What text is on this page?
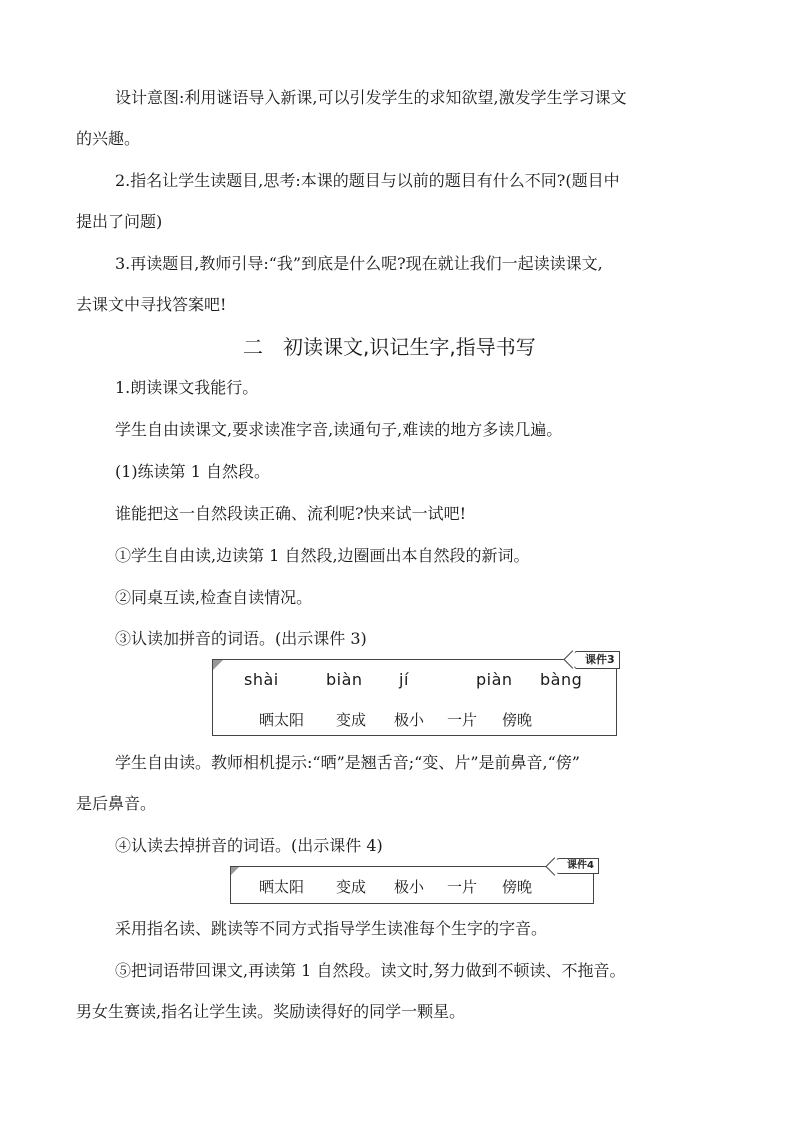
设计意图:利用谜语导入新课,可以引发学生的求知欲望,激发学生学习课文
的兴趣。
2.指名让学生读题目,思考:本课的题目与以前的题目有什么不同?(题目中
提出了问题)
3.再读题目,教师引导:“我”到底是什么呢?现在就让我们一起读读课文,
去课文中寻找答案吧!
二　初读课文,识记生字,指导书写
1.朗读课文我能行。
学生自由读课文,要求读准字音,读通句子,难读的地方多读几遍。
(1)练读第 1 自然段。
谁能把这一自然段读正确、流利呢?快来试一试吧!
①学生自由读,边读第 1 自然段,边圈画出本自然段的新词。
②同桌互读,检查自读情况。
③认读加拼音的词语。(出示课件 3)
shài	biàn jí	piàn bàng
晒太阳 变成 极小 一片 傍晚
课件3
学生自由读。教师相机提示:“晒”是翘舌音;“变、片”是前鼻音,“傍”
是后鼻音。
④认读去掉拼音的词语。(出示课件 4)
晒太阳 变成 极小 一片 傍晚
课件4
采用指名读、跳读等不同方式指导学生读准每个生字的字音。
⑤把词语带回课文,再读第 1 自然段。读文时,努力做到不顿读、不拖音。
男女生赛读,指名让学生读。奖励读得好的同学一颗星。
